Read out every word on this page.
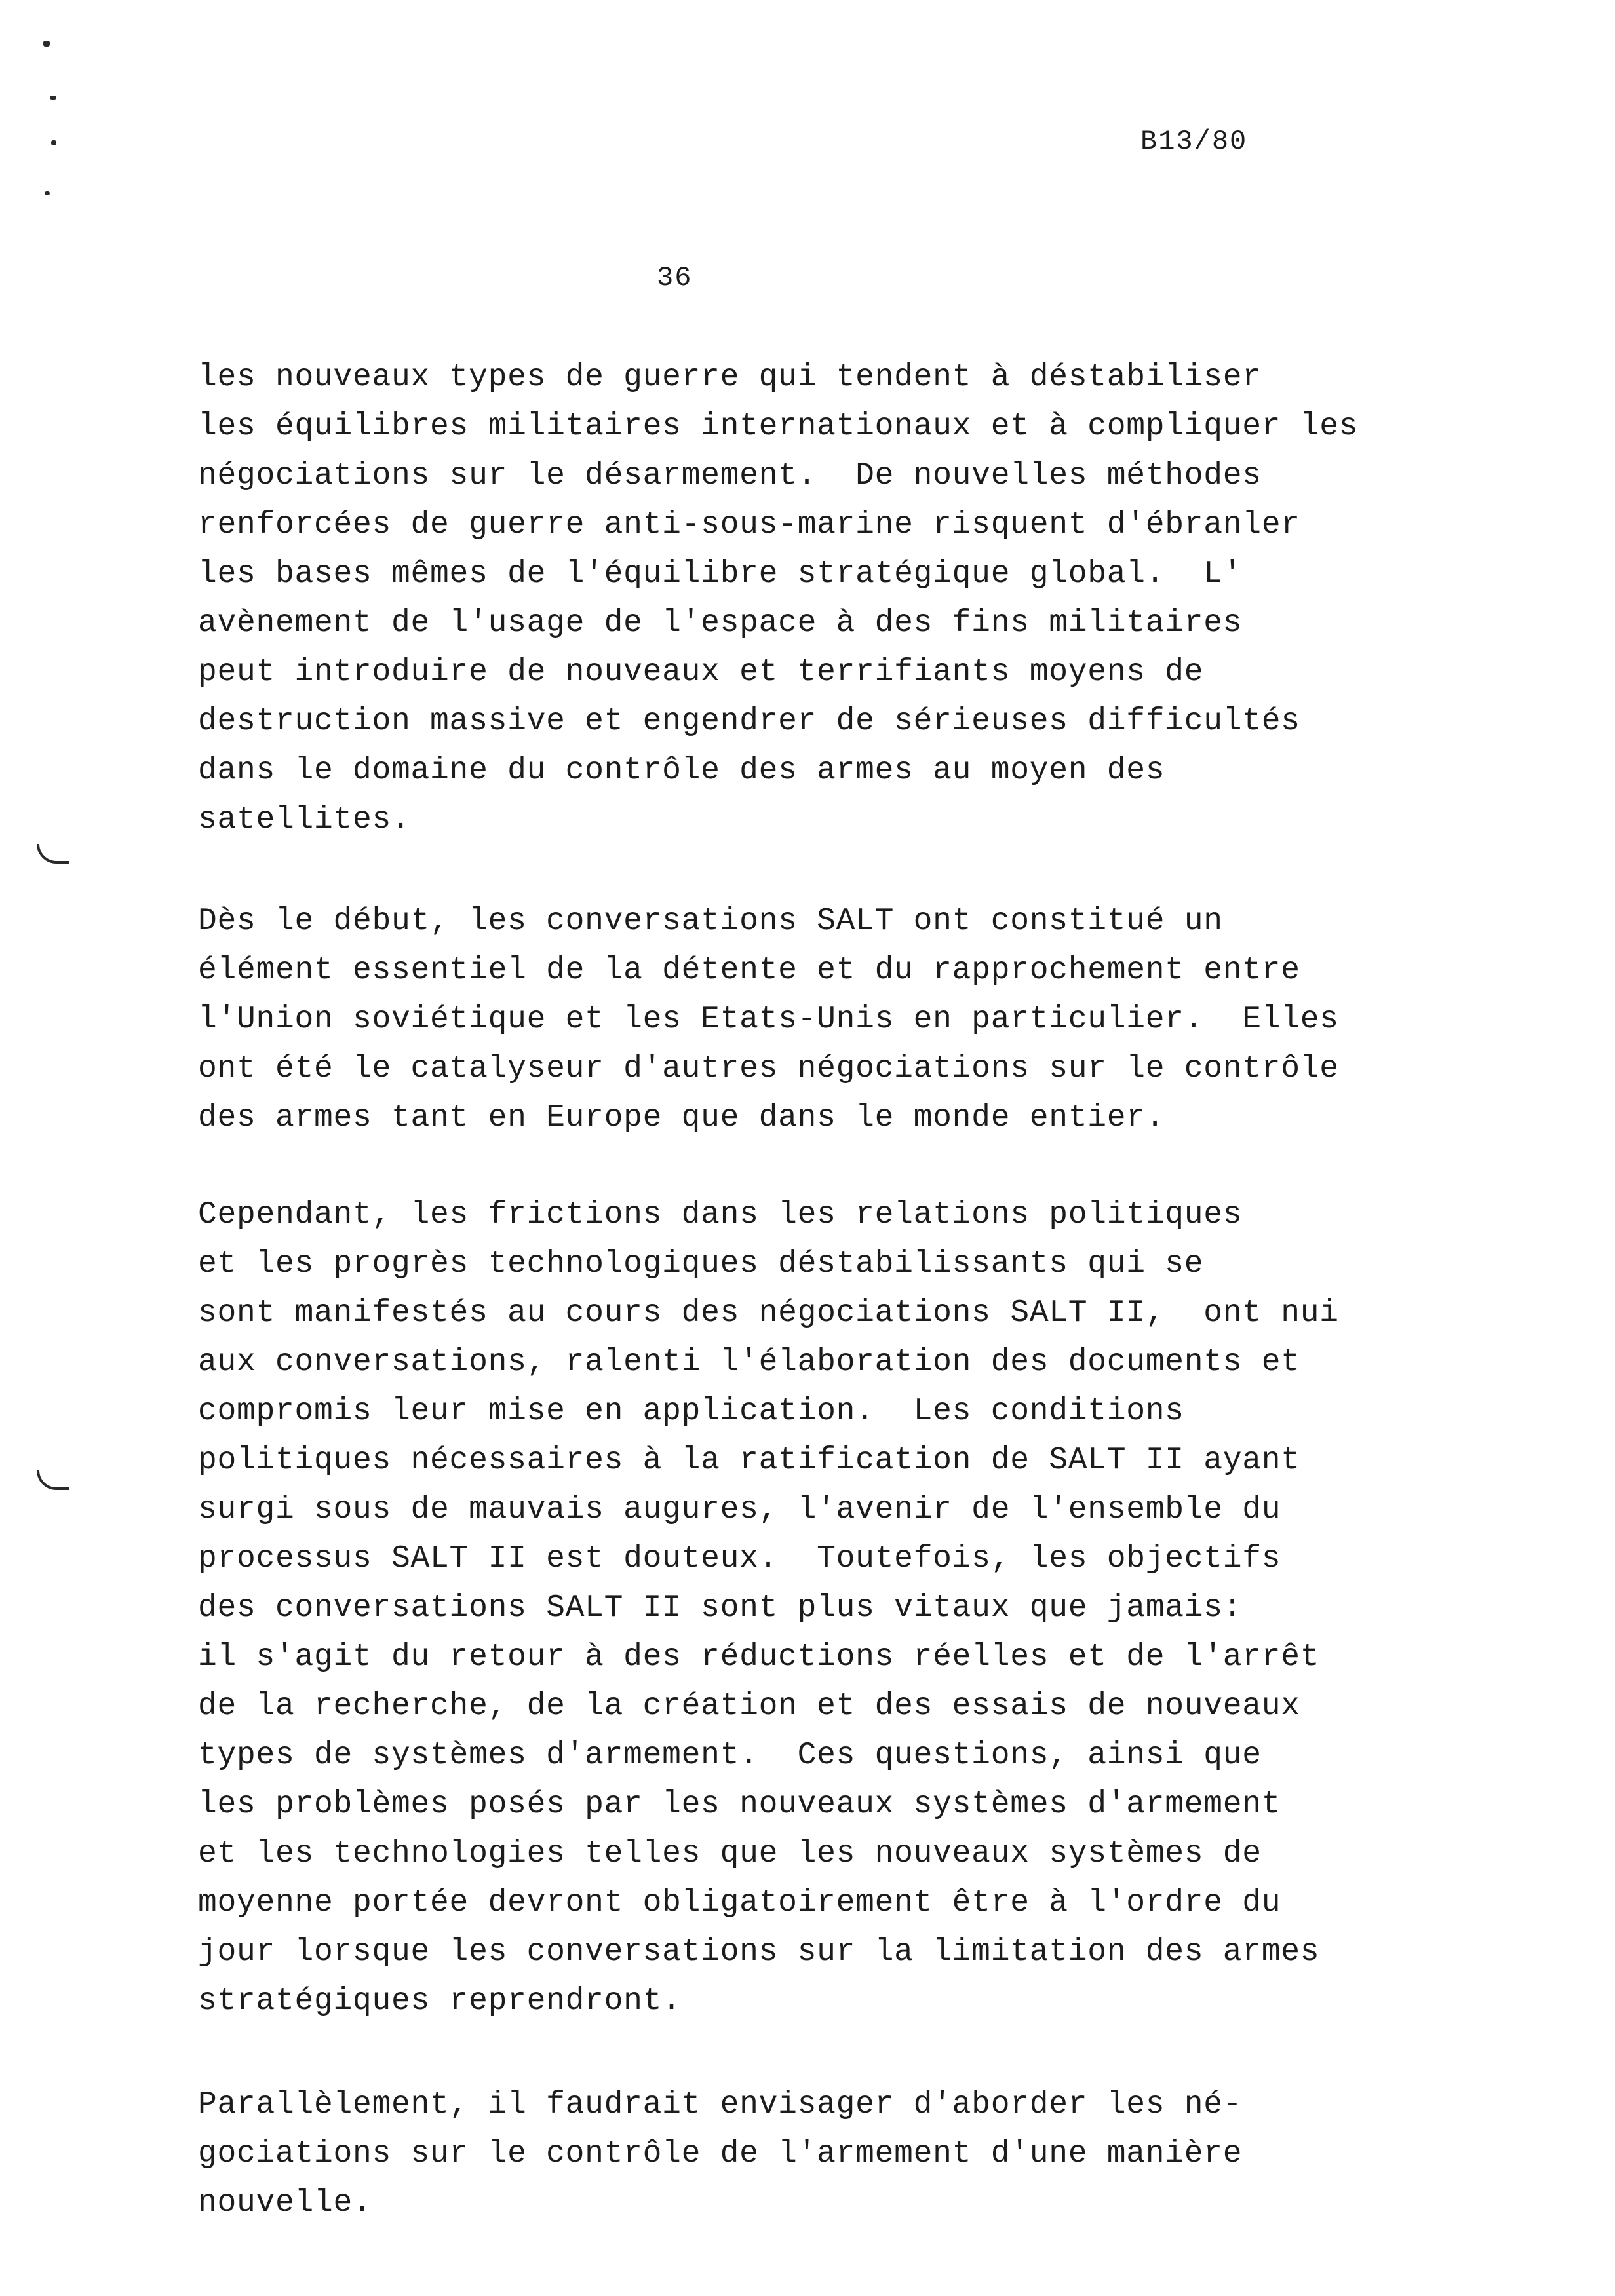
B13/80
36
les nouveaux types de guerre qui tendent à déstabiliser
les équilibres militaires internationaux et à compliquer les
négociations sur le désarmement.  De nouvelles méthodes
renforcées de guerre anti-sous-marine risquent d'ébranler
les bases mêmes de l'équilibre stratégique global.  L'
avènement de l'usage de l'espace à des fins militaires
peut introduire de nouveaux et terrifiants moyens de
destruction massive et engendrer de sérieuses difficultés
dans le domaine du contrôle des armes au moyen des
satellites.
Dès le début, les conversations SALT ont constitué un
élément essentiel de la détente et du rapprochement entre
l'Union soviétique et les Etats-Unis en particulier.  Elles
ont été le catalyseur d'autres négociations sur le contrôle
des armes tant en Europe que dans le monde entier.
Cependant, les frictions dans les relations politiques
et les progrès technologiques déstabilissants qui se
sont manifestés au cours des négociations SALT II,  ont nui
aux conversations, ralenti l'élaboration des documents et
compromis leur mise en application.  Les conditions
politiques nécessaires à la ratification de SALT II ayant
surgi sous de mauvais augures, l'avenir de l'ensemble du
processus SALT II est douteux.  Toutefois, les objectifs
des conversations SALT II sont plus vitaux que jamais:
il s'agit du retour à des réductions réelles et de l'arrêt
de la recherche, de la création et des essais de nouveaux
types de systèmes d'armement.  Ces questions, ainsi que
les problèmes posés par les nouveaux systèmes d'armement
et les technologies telles que les nouveaux systèmes de
moyenne portée devront obligatoirement être à l'ordre du
jour lorsque les conversations sur la limitation des armes
stratégiques reprendront.
Parallèlement, il faudrait envisager d'aborder les né-
gociations sur le contrôle de l'armement d'une manière
nouvelle.
